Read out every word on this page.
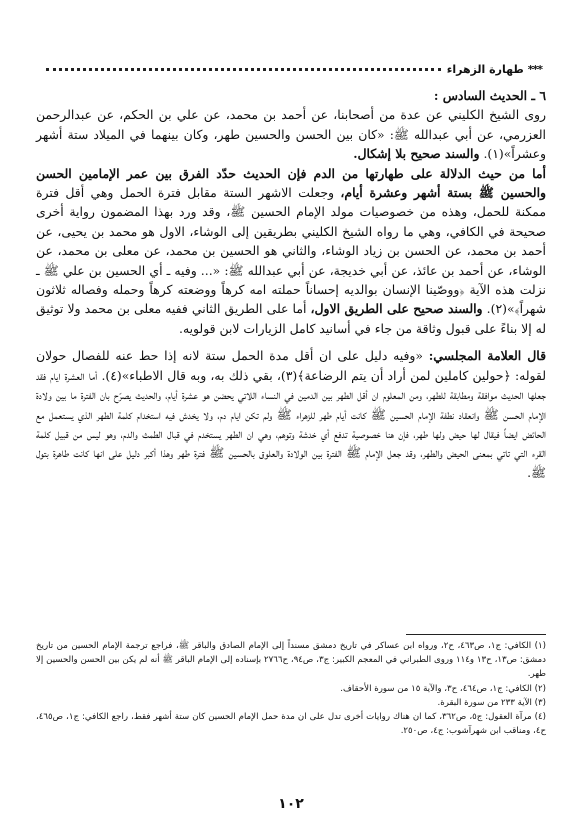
***
طهارة الزهراء

٦ ـ الحديث السادس :

روى الشيخ الكليني عن عدة من أصحابنا، عن أحمد بن محمد، عن علي بن الحكم، عن عبدالرحمن العزرمي، عن أبي عبدالله ﷺ: «كان بين الحسن والحسين طهر، وكان بينهما في الميلاد ستة أشهر وعشراً»(١). والسند صحيح بلا إشكال.

أما من حيث الدلالة على طهارتها من الدم فإن الحديث حدّد الفرق بين عمر الإمامين الحسن والحسين ﷺ بستة أشهر وعشرة أيام، وجعلت الاشهر الستة مقابل فترة الحمل وهي أقل فترة ممكنة للحمل، وهذه من خصوصيات مولد الإمام الحسين ﷺ، وقد ورد بهذا المضمون رواية أخرى صحيحة في الكافي، وهي ما رواه الشيخ الكليني بطريقين إلى الوشاء، الاول هو محمد بن يحيى، عن أحمد بن محمد، عن الحسن بن زياد الوشاء، والثاني هو الحسين بن محمد، عن معلى بن محمد، عن الوشاء، عن أحمد بن عائذ، عن أبي خديجة، عن أبي عبدالله ﷺ: «... وفيه ـ أي الحسين بن علي ﷺ ـ نزلت هذه الآية ﴿ووصّينا الإنسان بوالديه إحساناً حملته امه كرهاً ووضعته كرهاً وحمله وفصاله ثلاثون شهراً﴾»(٢). والسند صحيح على الطريق الاول، أما على الطريق الثاني ففيه معلى بن محمد ولا توثيق له إلا بناءً على قبول وثاقة من جاء في أسانيد كامل الزيارات لابن قولويه.

قال العلامة المجلسي: «وفيه دليل على ان أقل مدة الحمل ستة لانه إذا حط عنه للفصال حولان لقوله: ﴿حولين كاملين لمن أراد أن يتم الرضاعة﴾(٣)، بقي ذلك به، وبه قال الاطباء»(٤). أما العشرة ايام فقد جعلها الحديث موافقة ومطابقة للطهر، ومن المعلوم ان أقل الطهر بين الدمين في النساء اللاتي يحضن هو عشرة أيام، والحديث يصرّح بان الفترة ما بين ولادة الإمام الحسن ﷺ وانعقاد نطفة الإمام الحسين ﷺ كانت أيام طهر للزهراء ﷺ ولم تكن ايام دم، ولا يخدش فيه استخدام كلمة الطهر الذي يستعمل مع الحائض ايضاً فيقال لها حيض ولها طهر، فإن هنا خصوصية تدفع أي خدشة وتوهم، وهي ان الطهر يستخدم في قبال الطمث والدم، وهو ليس من قبيل كلمة القرء التي تاتي بمعنى الحيض والطهر، وقد جعل الإمام ﷺ الفترة بين الولادة والعلوق بالحسين ﷺ فترة طهر وهذا أكبر دليل على انها كانت طاهرة بتول ﷺ.

(١) الكافي: ج١، ص٤٦٣، ح٢، ورواه ابن عساكر في تاريخ دمشق مسنداً إلى الإمام الصادق والباقر ﷺ، فراجع ترجمة الإمام الحسين من تاريخ دمشق: ص١٣، ح١٣ و١١٤ وروى الطبراني في المعجم الكبير: ج٣، ص٩٤، ح٢٧٦٦ بإسناده إلى الإمام الباقر ﷺ أنه لم يكن بين الحسن والحسين إلا طهر.

(٢) الكافي: ج١، ص٤٦٤، ح٣، والآية ١٥ من سورة الأحقاف.

(٣) الآية ٢٣٣ من سورة البقرة.

(٤) مرآة العقول: ج٥، ص٣٦٢، كما ان هناك روايات أخرى تدل على ان مدة حمل الإمام الحسين كان ستة أشهر فقط، راجع الكافي: ج١، ص٤٦٥، ح٤، ومناقب ابن شهرآشوب: ج٤، ص٢٥٠.

١٠٢
